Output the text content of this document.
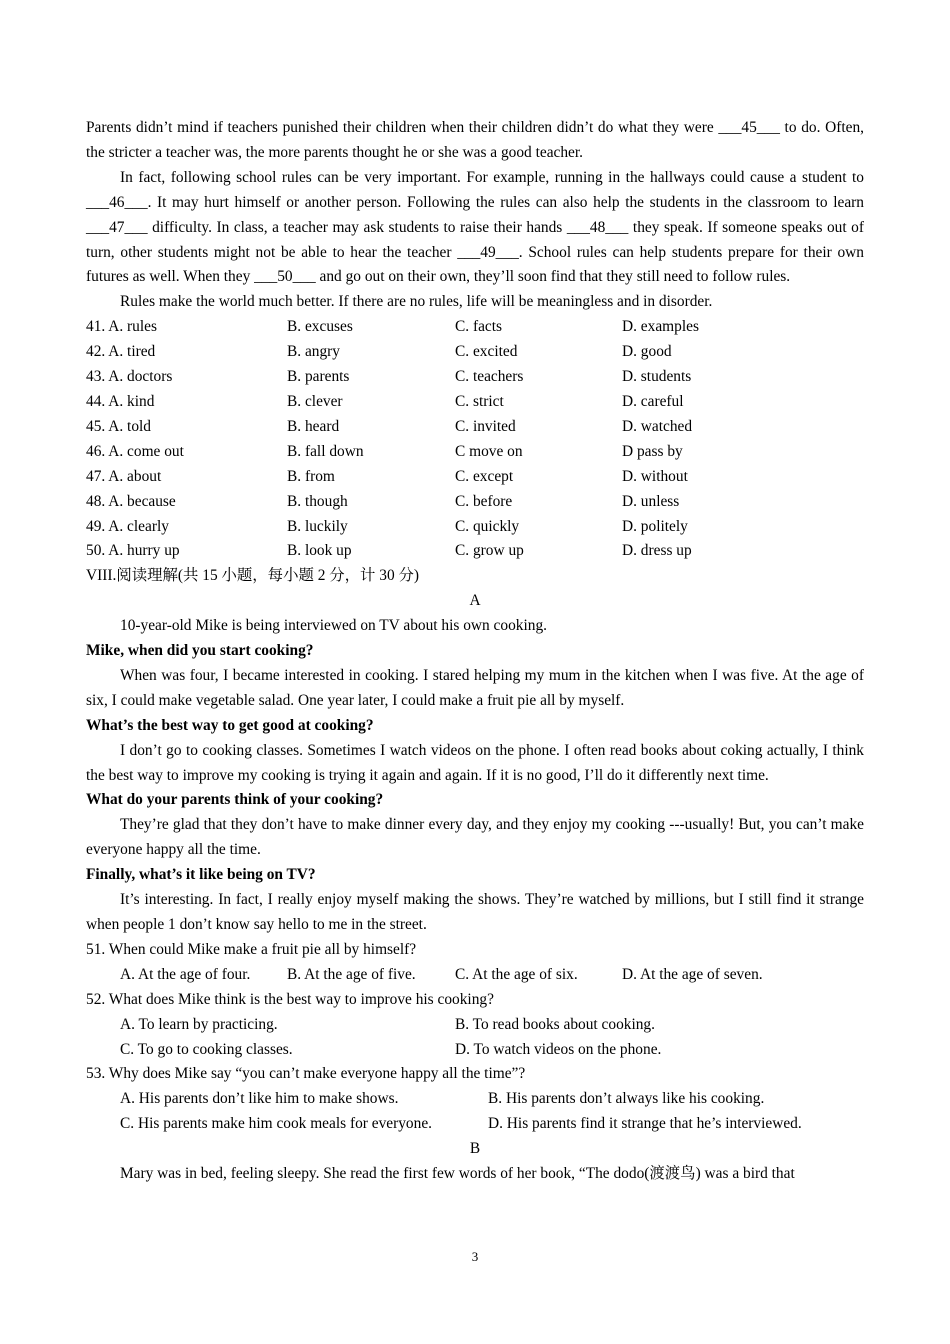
Parents didn’t mind if teachers punished their children when their children didn’t do what they were ___45___ to do. Often, the stricter a teacher was, the more parents thought he or she was a good teacher.

In fact, following school rules can be very important. For example, running in the hallways could cause a student to ___46___. It may hurt himself or another person. Following the rules can also help the students in the classroom to learn ___47___ difficulty. In class, a teacher may ask students to raise their hands ___48___ they speak. If someone speaks out of turn, other students might not be able to hear the teacher ___49___. School rules can help students prepare for their own futures as well. When they ___50___ and go out on their own, they’ll soon find that they still need to follow rules.

Rules make the world much better. If there are no rules, life will be meaningless and in disorder.

41. A. rules	B. excuses	C. facts	D. examples
42. A. tired	B. angry	C. excited	D. good
43. A. doctors	B. parents	C. teachers	D. students
44. A. kind	B. clever	C. strict	D. careful
45. A. told	B. heard	C. invited	D. watched
46. A. come out	B. fall down	C move on	D pass by
47. A. about	B. from	C. except	D. without
48. A. because	B. though	C. before	D. unless
49. A. clearly	B. luckily	C. quickly	D. politely
50. A. hurry up	B. look up	C. grow up	D. dress up

VIII.阅读理解(共 15 小题，每小题 2 分，计 30 分)

A

10-year-old Mike is being interviewed on TV about his own cooking.

Mike, when did you start cooking?

When was four, I became interested in cooking. I stared helping my mum in the kitchen when I was five. At the age of six, I could make vegetable salad. One year later, I could make a fruit pie all by myself.

What’s the best way to get good at cooking?

I don’t go to cooking classes. Sometimes I watch videos on the phone. I often read books about coking actually, I think the best way to improve my cooking is trying it again and again. If it is no good, I’ll do it differently next time.

What do your parents think of your cooking?

They’re glad that they don’t have to make dinner every day, and they enjoy my cooking ---usually! But, you can’t make everyone happy all the time.

Finally, what’s it like being on TV?

It’s interesting. In fact, I really enjoy myself making the shows. They’re watched by millions, but I still find it strange when people 1 don’t know say hello to me in the street.

51. When could Mike make a fruit pie all by himself?

A. At the age of four.	B. At the age of five.	C. At the age of six.	D. At the age of seven.

52. What does Mike think is the best way to improve his cooking?

A. To learn by practicing.	B. To read books about cooking.
C. To go to cooking classes.	D. To watch videos on the phone.

53. Why does Mike say “you can’t make everyone happy all the time”?

A. His parents don’t like him to make shows.	B. His parents don’t always like his cooking.
C. His parents make him cook meals for everyone.	D. His parents find it strange that he’s interviewed.

B

Mary was in bed, feeling sleepy. She read the first few words of her book, “The dodo(渡渡鸟) was a bird that

3
